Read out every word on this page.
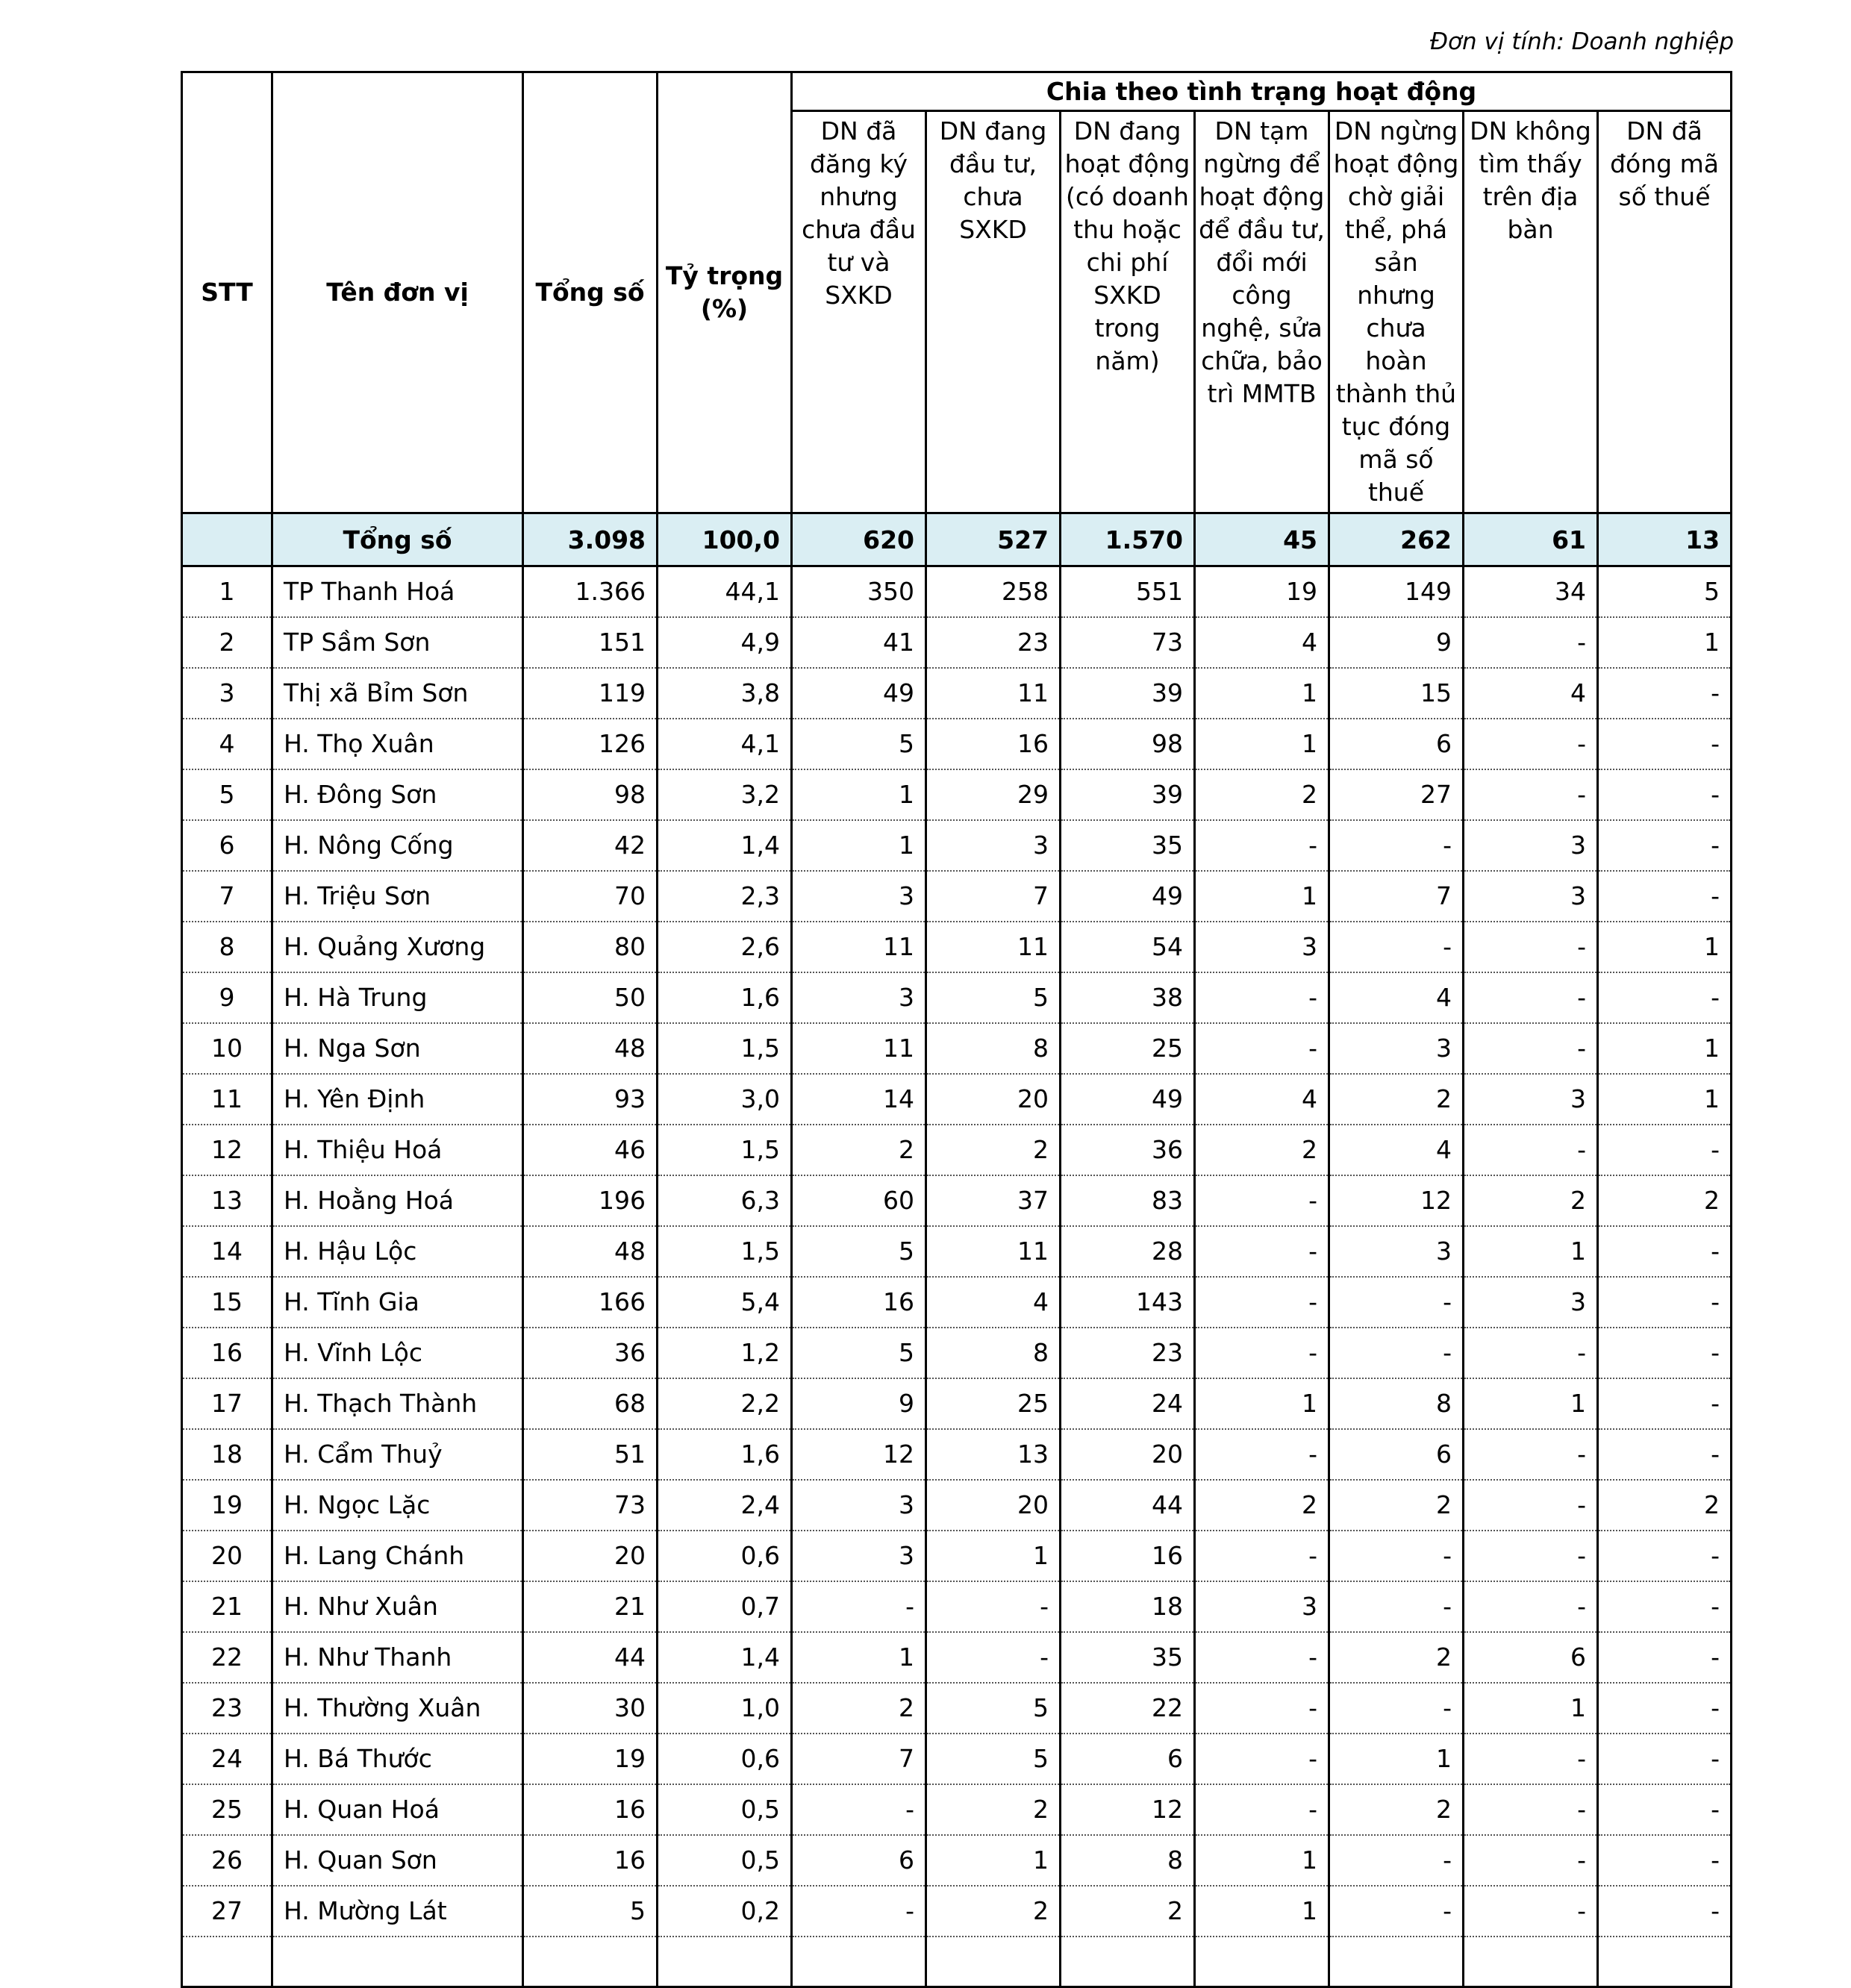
Đơn vị tính: Doanh nghiệp
STT	Tên đơn vị	Tổng số	Tỷ trọng (%)	Chia theo tình trạng hoạt động						
				DN đã đăng ký nhưng chưa đầu tư và SXKD	DN đang đầu tư, chưa SXKD	DN đang hoạt động (có doanh thu hoặc chi phí SXKD trong năm)	DN tạm ngừng để hoạt động để đầu tư, đổi mới công nghệ, sửa chữa, bảo trì MMTB	DN ngừng hoạt động chờ giải thể, phá sản nhưng chưa hoàn thành thủ tục đóng mã số thuế	DN không tìm thấy trên địa bàn	DN đã đóng mã số thuế
	Tổng số	3.098	100,0	620	527	1.570	45	262	61	13
1	TP Thanh Hoá	1.366	44,1	350	258	551	19	149	34	5
2	TP Sầm Sơn	151	4,9	41	23	73	4	9	-	1
3	Thị xã Bỉm Sơn	119	3,8	49	11	39	1	15	4	-
4	H. Thọ Xuân	126	4,1	5	16	98	1	6	-	-
5	H. Đông Sơn	98	3,2	1	29	39	2	27	-	-
6	H. Nông Cống	42	1,4	1	3	35	-	-	3	-
7	H. Triệu Sơn	70	2,3	3	7	49	1	7	3	-
8	H. Quảng Xương	80	2,6	11	11	54	3	-	-	1
9	H. Hà Trung	50	1,6	3	5	38	-	4	-	-
10	H. Nga Sơn	48	1,5	11	8	25	-	3	-	1
11	H. Yên Định	93	3,0	14	20	49	4	2	3	1
12	H. Thiệu Hoá	46	1,5	2	2	36	2	4	-	-
13	H. Hoằng Hoá	196	6,3	60	37	83	-	12	2	2
14	H. Hậu Lộc	48	1,5	5	11	28	-	3	1	-
15	H. Tĩnh Gia	166	5,4	16	4	143	-	-	3	-
16	H. Vĩnh Lộc	36	1,2	5	8	23	-	-	-	-
17	H. Thạch Thành	68	2,2	9	25	24	1	8	1	-
18	H. Cẩm Thuỷ	51	1,6	12	13	20	-	6	-	-
19	H. Ngọc Lặc	73	2,4	3	20	44	2	2	-	2
20	H. Lang Chánh	20	0,6	3	1	16	-	-	-	-
21	H. Như Xuân	21	0,7	-	-	18	3	-	-	-
22	H. Như Thanh	44	1,4	1	-	35	-	2	6	-
23	H. Thường Xuân	30	1,0	2	5	22	-	-	1	-
24	H. Bá Thước	19	0,6	7	5	6	-	1	-	-
25	H. Quan Hoá	16	0,5	-	2	12	-	2	-	-
26	H. Quan Sơn	16	0,5	6	1	8	1	-	-	-
27	H. Mường Lát	5	0,2	-	2	2	1	-	-	-
